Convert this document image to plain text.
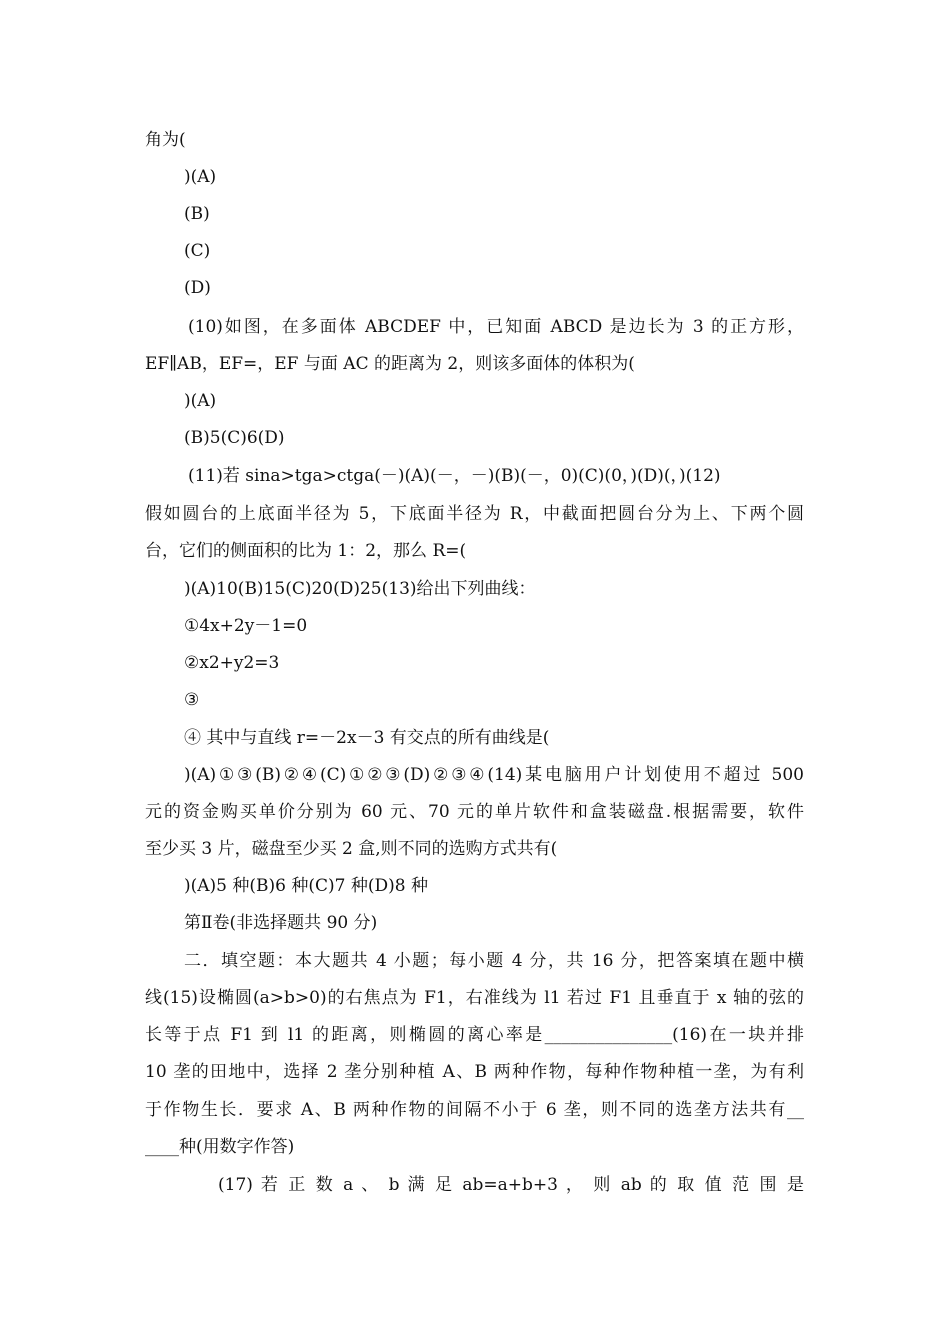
角为(
)(A)
(B)
(C)
(D)
(10)如图，在多面体 ABCDEF 中，已知面 ABCD 是边长为 3 的正方形，
EF∥AB，EF=，EF 与面 AC 的距离为 2，则该多面体的体积为(
)(A)
(B)5(C)6(D)
(11)若 sina>tga>ctga(－)(A)(－，－)(B)(－，0)(C)(0，)(D)(，)(12)
假如圆台的上底面半径为 5，下底面半径为 R，中截面把圆台分为上、下两个圆
台，它们的侧面积的比为 1：2，那么 R=(
)(A)10(B)15(C)20(D)25(13)给出下列曲线：
①4x+2y－1=0
②x2+y2=3
③
④ 其中与直线 r=－2x－3 有交点的所有曲线是(
)(A)①③(B)②④(C)①②③(D)②③④(14)某电脑用户计划使用不超过 500
元的资金购买单价分别为 60 元、70 元的单片软件和盒装磁盘.根据需要，软件
至少买 3 片，磁盘至少买 2 盒,则不同的选购方式共有(
)(A)5 种(B)6 种(C)7 种(D)8 种
第Ⅱ卷(非选择题共 90 分)
二．填空题：本大题共 4 小题；每小题 4 分，共 16 分，把答案填在题中横
线(15)设椭圆(a>b>0)的右焦点为 F1，右准线为 l1 若过 F1 且垂直于 x 轴的弦的
长等于点 F1 到 l1 的距离，则椭圆的离心率是_______________(16)在一块并排
10 垄的田地中，选择 2 垄分别种植 A、B 两种作物，每种作物种植一垄，为有利
于作物生长．要求 A、B 两种作物的间隔不小于 6 垄，则不同的选垄方法共有__
____种(用数字作答)
(17) 若 正 数 a 、 b 满 足 ab=a+b+3 ， 则 ab 的 取 值 范 围 是
